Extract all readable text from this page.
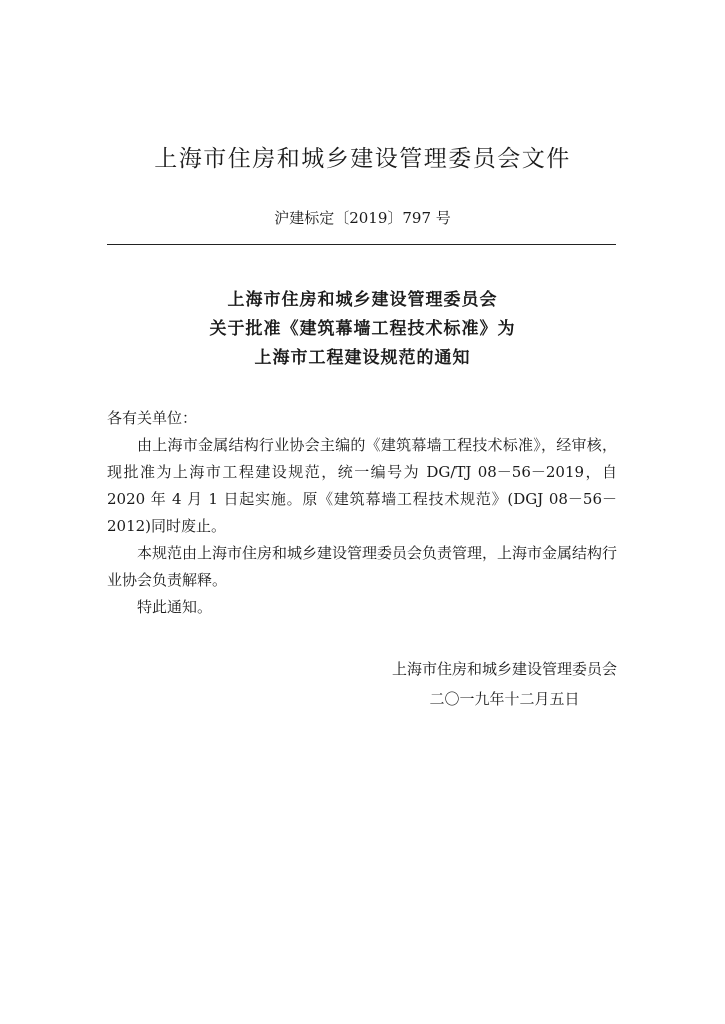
上海市住房和城乡建设管理委员会文件
沪建标定〔2019〕797 号
上海市住房和城乡建设管理委员会
关于批准《建筑幕墙工程技术标准》为
上海市工程建设规范的通知

各有关单位：

由上海市金属结构行业协会主编的《建筑幕墙工程技术标准》，经审核，现批准为上海市工程建设规范，统一编号为 DG/TJ 08－56－2019，自 2020 年 4 月 1 日起实施。原《建筑幕墙工程技术规范》(DGJ 08－56－2012)同时废止。

本规范由上海市住房和城乡建设管理委员会负责管理，上海市金属结构行业协会负责解释。

特此通知。

上海市住房和城乡建设管理委员会
二〇一九年十二月五日
